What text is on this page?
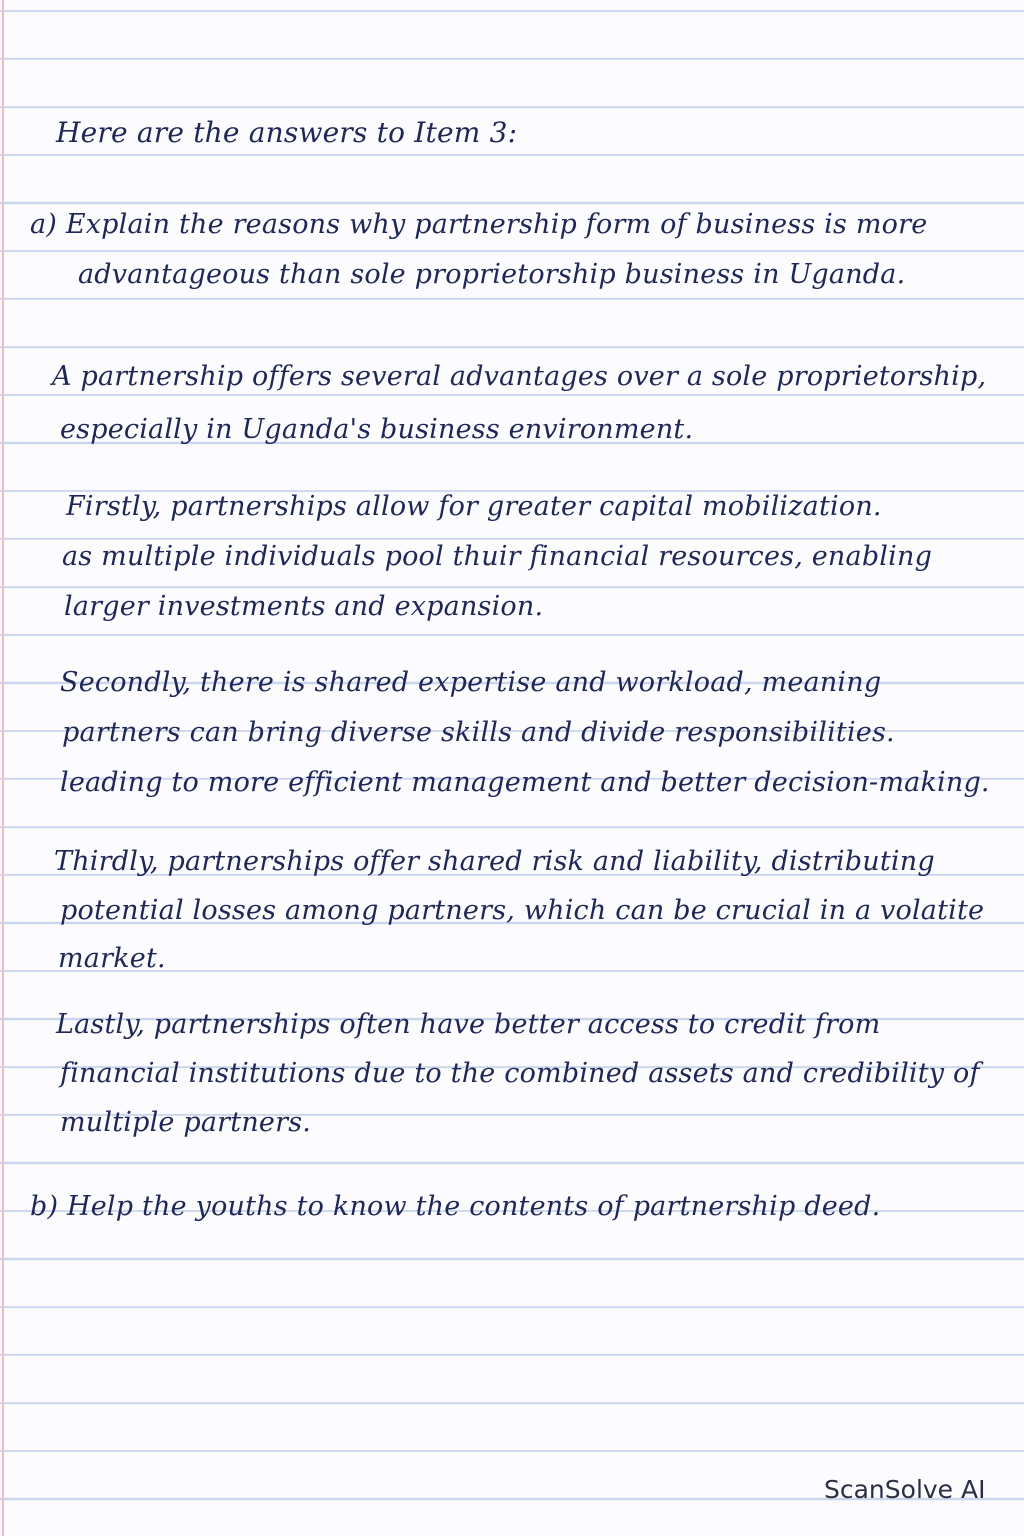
Here are the answers to Item 3:
a) Explain the reasons why partnership form of business is more
advantageous than sole proprietorship business in Uganda.
A partnership offers several advantages over a sole proprietorship,
especially in Uganda's business environment.
Firstly, partnerships allow for greater capital mobilization.
as multiple individuals pool thuir financial resources, enabling
larger investments and expansion.
Secondly, there is shared expertise and workload, meaning
partners can bring diverse skills and divide responsibilities.
leading to more efficient management and better decision-making.
Thirdly, partnerships offer shared risk and liability, distributing
potential losses among partners, which can be crucial in a volatite
market.
Lastly, partnerships often have better access to credit from
financial institutions due to the combined assets and credibility of
multiple partners.
b) Help the youths to know the contents of partnership deed.
ScanSolve AI
